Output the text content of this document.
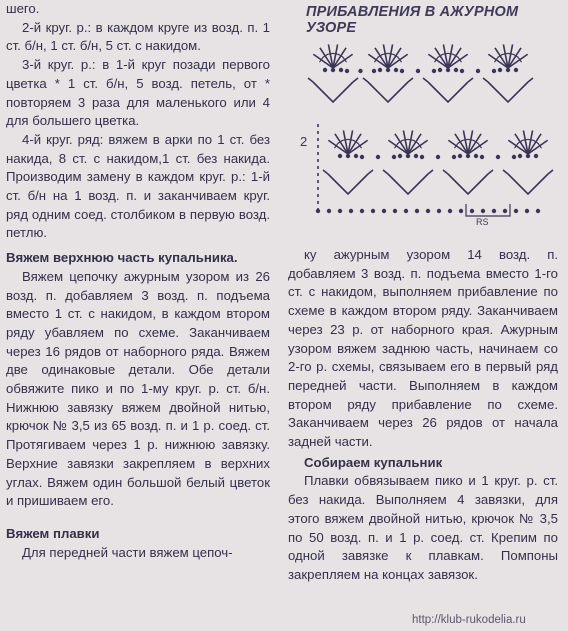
шего.

2-й круг. р.: в каждом круге из возд. п. 1 ст. б/н, 1 ст. б/н, 5 ст. с накидом.

3-й круг. р.: в 1-й круг позади первого цветка * 1 ст. б/н, 5 возд. петель, от * повторяем 3 раза для маленького или 4 для большего цветка.

4-й круг. ряд: вяжем в арки по 1 ст. без накида, 8 ст. с накидом,1 ст. без накида. Производим замену в каждом круг. р.: 1-й ст. б/н на 1 возд. п. и заканчиваем круг. ряд одним соед. столбиком в первую возд. петлю.

Вяжем верхнюю часть купальника.

Вяжем цепочку ажурным узором из 26 возд. п. добавляем 3 возд. п. подъема вместо 1 ст. с накидом, в каждом втором ряду убавляем по схеме. Заканчиваем через 16 рядов от наборного ряда. Вяжем две одинаковые детали. Обе детали обвяжите пико и по 1-му круг. р. ст. б/н. Нижнюю завязку вяжем двойной нитью, крючок № 3,5 из 65 возд. п. и 1 р. соед. ст. Протягиваем через 1 р. нижнюю завязку. Верхние завязки закрепляем в верхних углах. Вяжем один большой белый цветок и пришиваем его.

Вяжем плавки

Для передней части вяжем цепоч-

ПРИБАВЛЕНИЯ В АЖУРНОМ УЗОРЕ
2
RS

ку ажурным узором 14 возд. п. добавляем 3 возд. п. подъема вместо 1-го ст. с накидом, выполняем прибавление по схеме в каждом втором ряду. Заканчиваем через 23 р. от наборного края. Ажурным узором вяжем заднюю часть, начинаем со 2-го р. схемы, связываем его в первый ряд передней части. Выполняем в каждом втором ряду прибавление по схеме. Заканчиваем через 26 рядов от начала задней части.

Собираем купальник

Плавки обвязываем пико и 1 круг. р. ст. без накида. Выполняем 4 завязки, для этого вяжем двойной нитью, крючок № 3,5 по 50 возд. п. и 1 р. соед. ст. Крепим по одной завязке к плавкам. Помпоны закрепляем на концах завязок.

http://klub-rukodelia.ru
